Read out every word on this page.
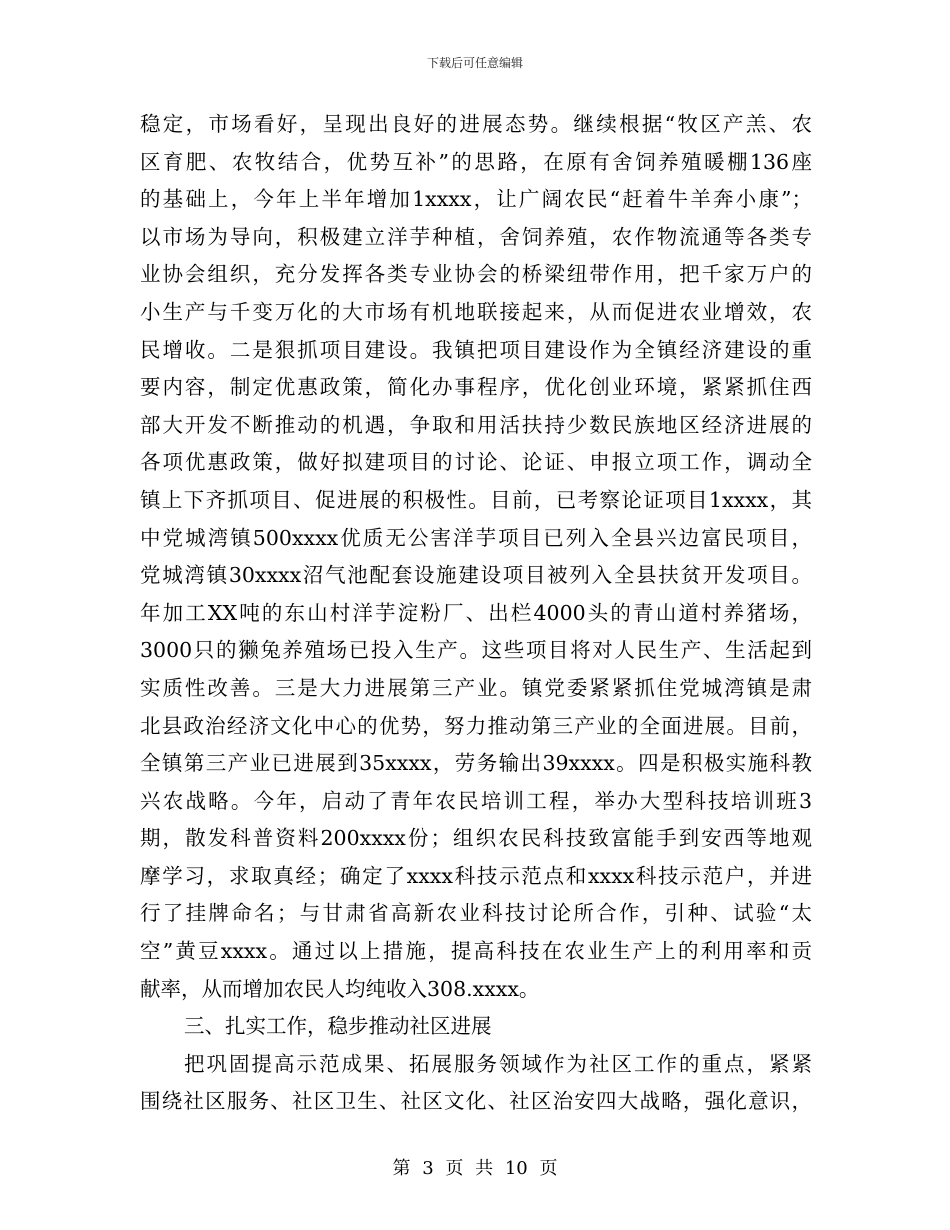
下载后可任意编辑
稳定，市场看好，呈现出良好的进展态势。继续根据“牧区产羔、农
区育肥、农牧结合，优势互补”的思路，在原有舍饲养殖暖棚136座
的基础上，今年上半年增加1xxxx，让广阔农民“赶着牛羊奔小康”；
以市场为导向，积极建立洋芋种植，舍饲养殖，农作物流通等各类专
业协会组织，充分发挥各类专业协会的桥梁纽带作用，把千家万户的
小生产与千变万化的大市场有机地联接起来，从而促进农业增效，农
民增收。二是狠抓项目建设。我镇把项目建设作为全镇经济建设的重
要内容，制定优惠政策，简化办事程序，优化创业环境，紧紧抓住西
部大开发不断推动的机遇，争取和用活扶持少数民族地区经济进展的
各项优惠政策，做好拟建项目的讨论、论证、申报立项工作，调动全
镇上下齐抓项目、促进展的积极性。目前，已考察论证项目1xxxx，其
中党城湾镇500xxxx优质无公害洋芋项目已列入全县兴边富民项目，
党城湾镇30xxxx沼气池配套设施建设项目被列入全县扶贫开发项目。
年加工XX吨的东山村洋芋淀粉厂、出栏4000头的青山道村养猪场，
3000只的獭兔养殖场已投入生产。这些项目将对人民生产、生活起到
实质性改善。三是大力进展第三产业。镇党委紧紧抓住党城湾镇是肃
北县政治经济文化中心的优势，努力推动第三产业的全面进展。目前，
全镇第三产业已进展到35xxxx，劳务输出39xxxx。四是积极实施科教
兴农战略。今年，启动了青年农民培训工程，举办大型科技培训班3
期，散发科普资料200xxxx份；组织农民科技致富能手到安西等地观
摩学习，求取真经；确定了xxxx科技示范点和xxxx科技示范户，并进
行了挂牌命名；与甘肃省高新农业科技讨论所合作，引种、试验“太
空”黄豆xxxx。通过以上措施，提高科技在农业生产上的利用率和贡
献率，从而增加农民人均纯收入308.xxxx。
三、扎实工作，稳步推动社区进展
把巩固提高示范成果、拓展服务领域作为社区工作的重点，紧紧
围绕社区服务、社区卫生、社区文化、社区治安四大战略，强化意识，
第 3 页 共 10 页
